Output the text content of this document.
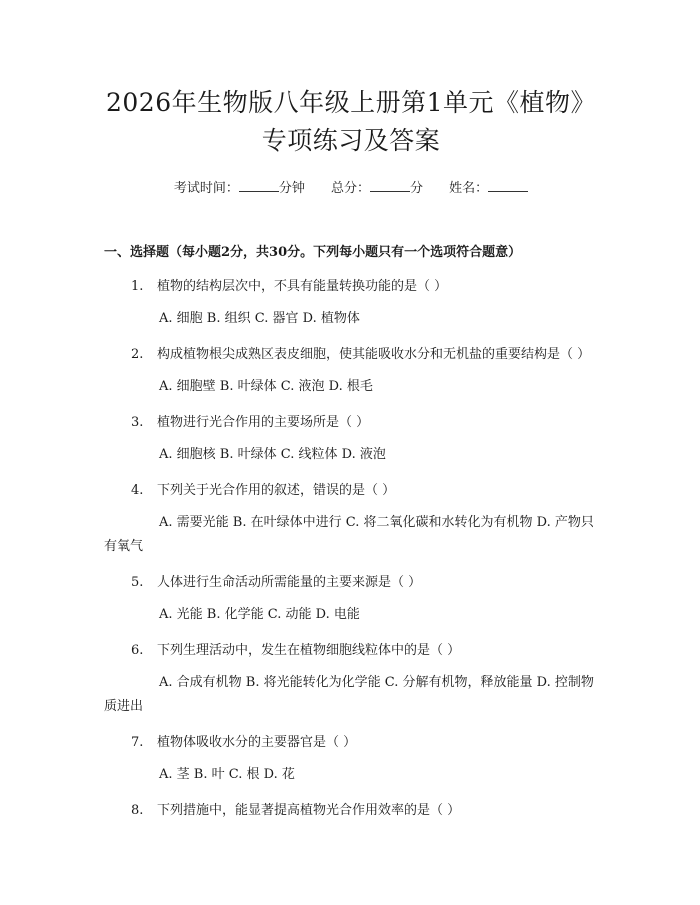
2026年生物版八年级上册第1单元《植物》
专项练习及答案
考试时间：	分钟 总分：	分 姓名：
一、选择题（每小题2分，共30分。下列每小题只有一个选项符合题意）
1. 植物的结构层次中，不具有能量转换功能的是（ ）
A. 细胞 B. 组织 C. 器官 D. 植物体
2. 构成植物根尖成熟区表皮细胞，使其能吸收水分和无机盐的重要结构是（ ）
A. 细胞壁 B. 叶绿体 C. 液泡 D. 根毛
3. 植物进行光合作用的主要场所是（ ）
A. 细胞核 B. 叶绿体 C. 线粒体 D. 液泡
4. 下列关于光合作用的叙述，错误的是（ ）
A. 需要光能 B. 在叶绿体中进行 C. 将二氧化碳和水转化为有机物 D. 产物只有氧气
5. 人体进行生命活动所需能量的主要来源是（ ）
A. 光能 B. 化学能 C. 动能 D. 电能
6. 下列生理活动中，发生在植物细胞线粒体中的是（ ）
A. 合成有机物 B. 将光能转化为化学能 C. 分解有机物，释放能量 D. 控制物质进出
7. 植物体吸收水分的主要器官是（ ）
A. 茎 B. 叶 C. 根 D. 花
8. 下列措施中，能显著提高植物光合作用效率的是（ ）
